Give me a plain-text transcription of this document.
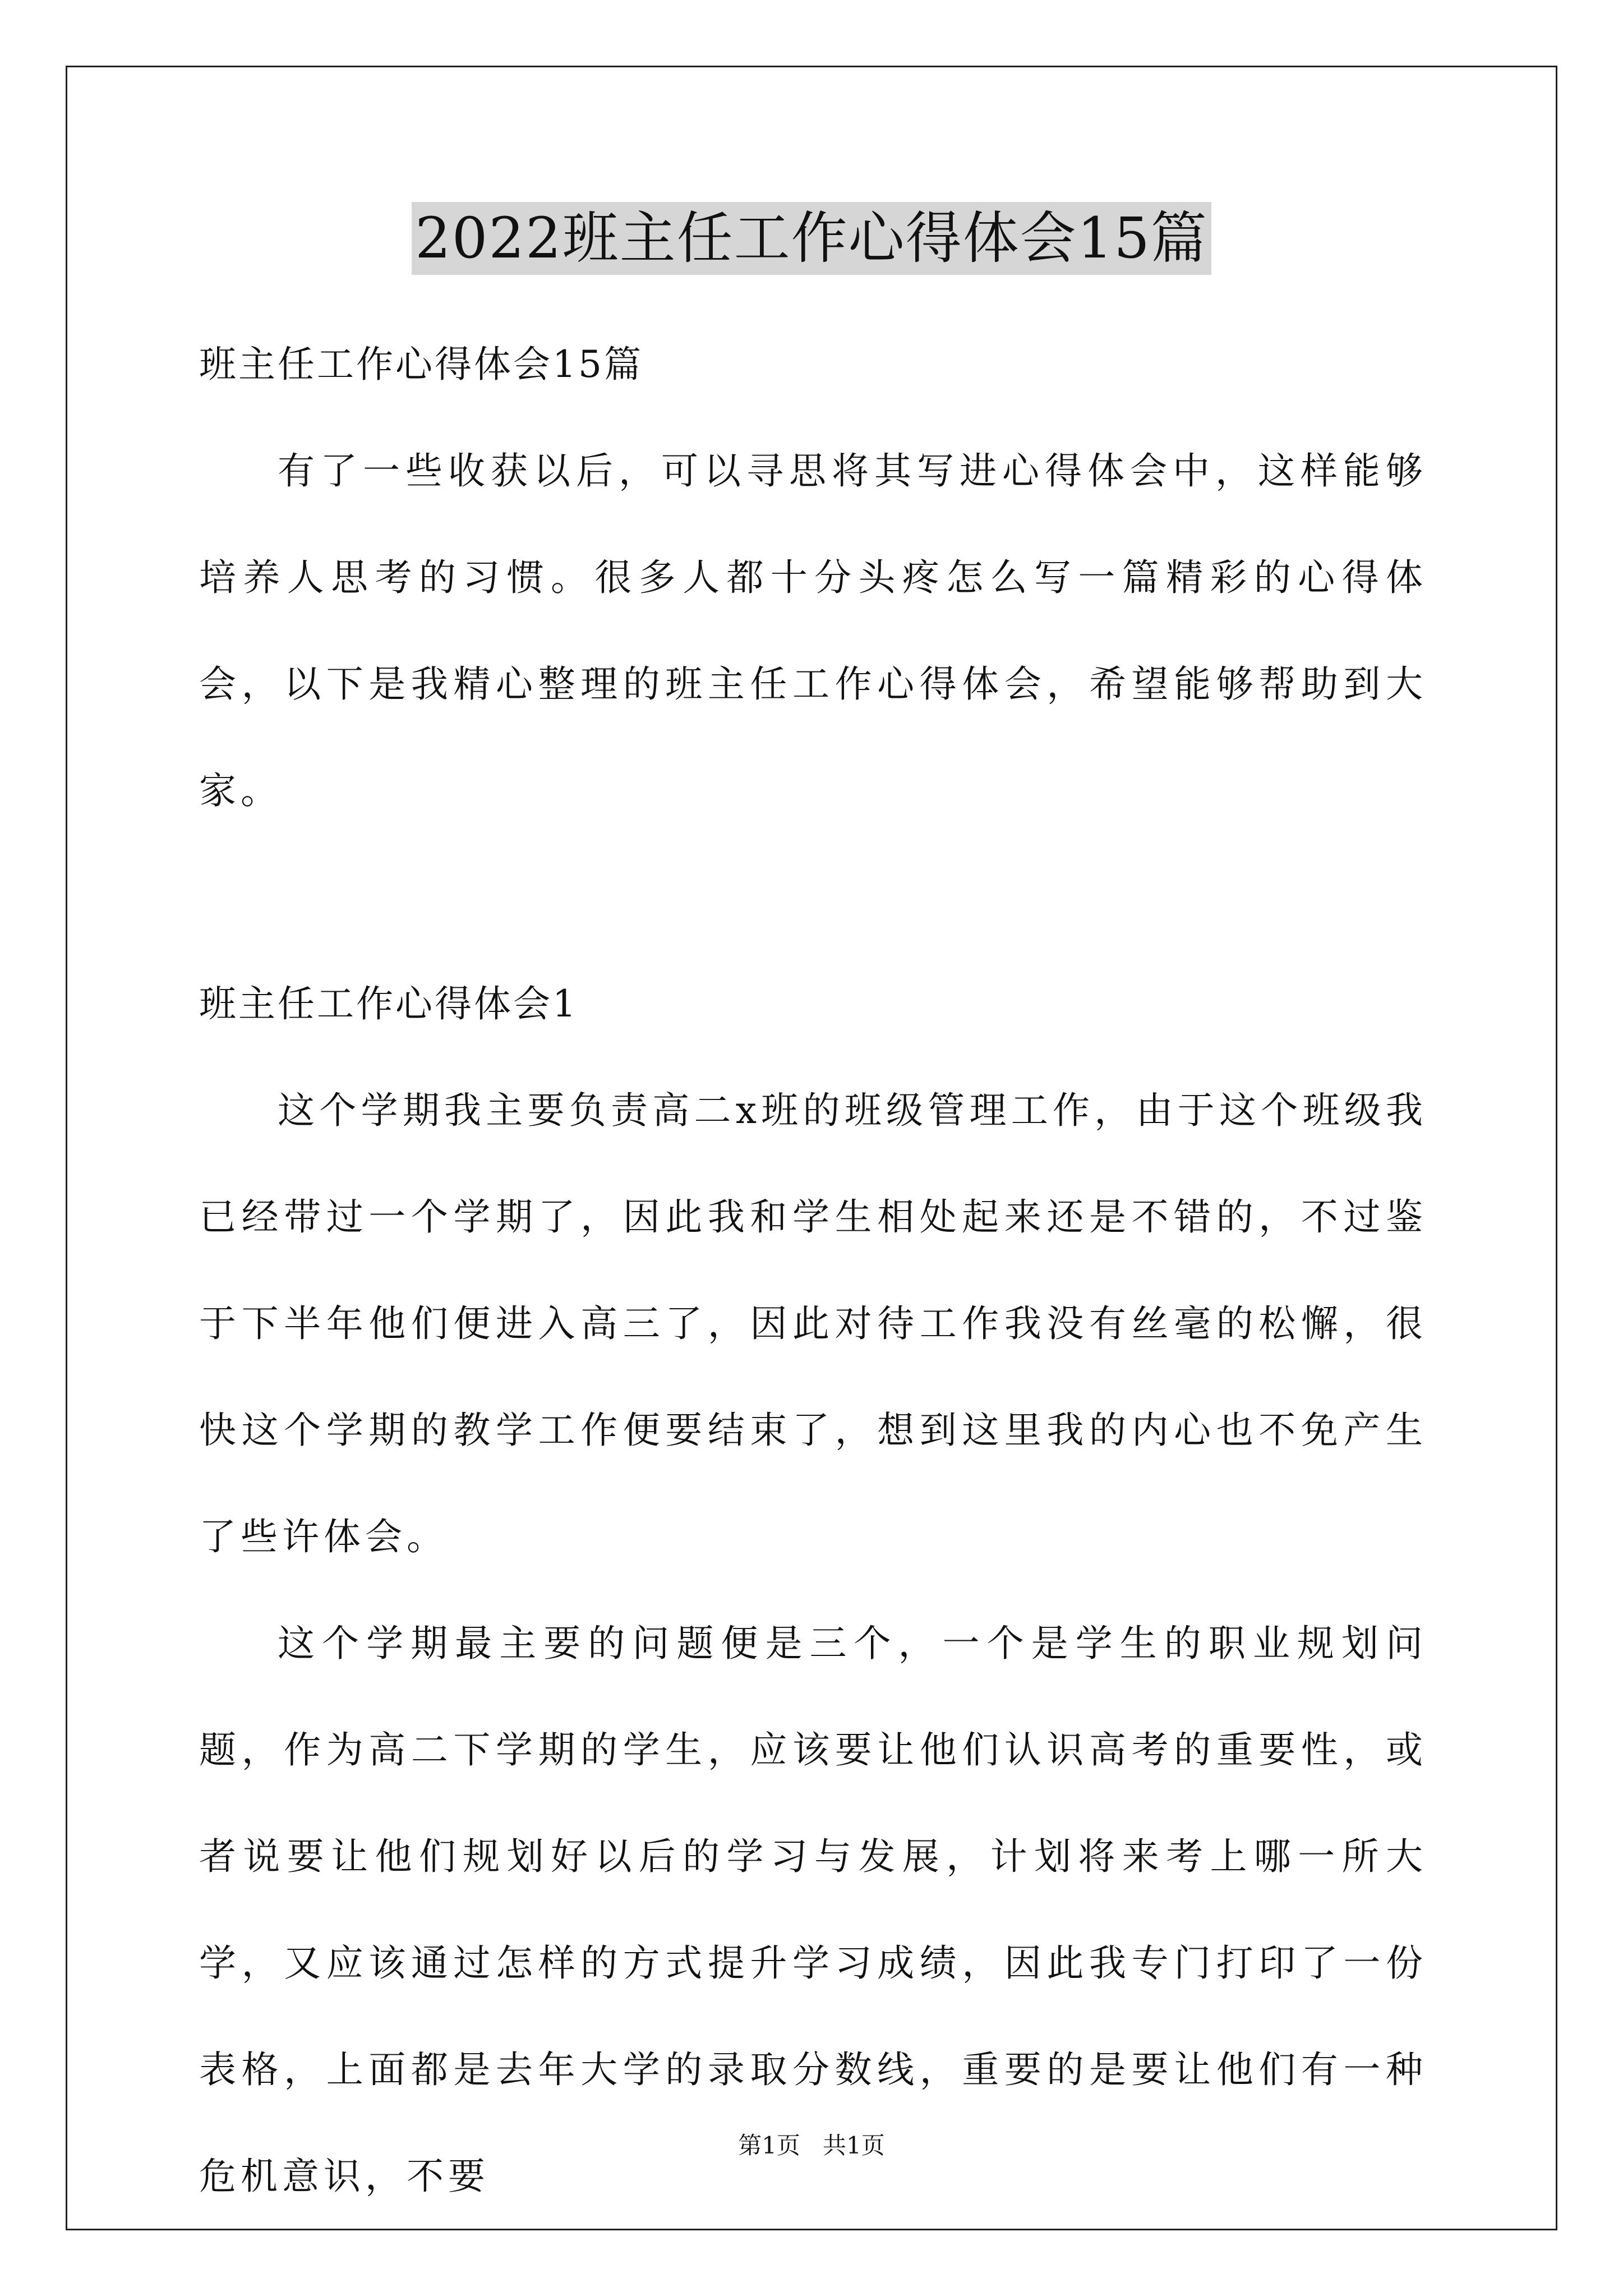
2022班主任工作心得体会15篇
班主任工作心得体会15篇

有了一些收获以后，可以寻思将其写进心得体会中，这样能够培养人思考的习惯。很多人都十分头疼怎么写一篇精彩的心得体会，以下是我精心整理的班主任工作心得体会，希望能够帮助到大家。

班主任工作心得体会1

这个学期我主要负责高二x班的班级管理工作，由于这个班级我已经带过一个学期了，因此我和学生相处起来还是不错的，不过鉴于下半年他们便进入高三了，因此对待工作我没有丝毫的松懈，很快这个学期的教学工作便要结束了，想到这里我的内心也不免产生了些许体会。

这个学期最主要的问题便是三个，一个是学生的职业规划问题，作为高二下学期的学生，应该要让他们认识高考的重要性，或者说要让他们规划好以后的学习与发展，计划将来考上哪一所大学，又应该通过怎样的方式提升学习成绩，因此我专门打印了一份表格，上面都是去年大学的录取分数线，重要的是要让他们有一种危机意识，不要

第1页   共1页
